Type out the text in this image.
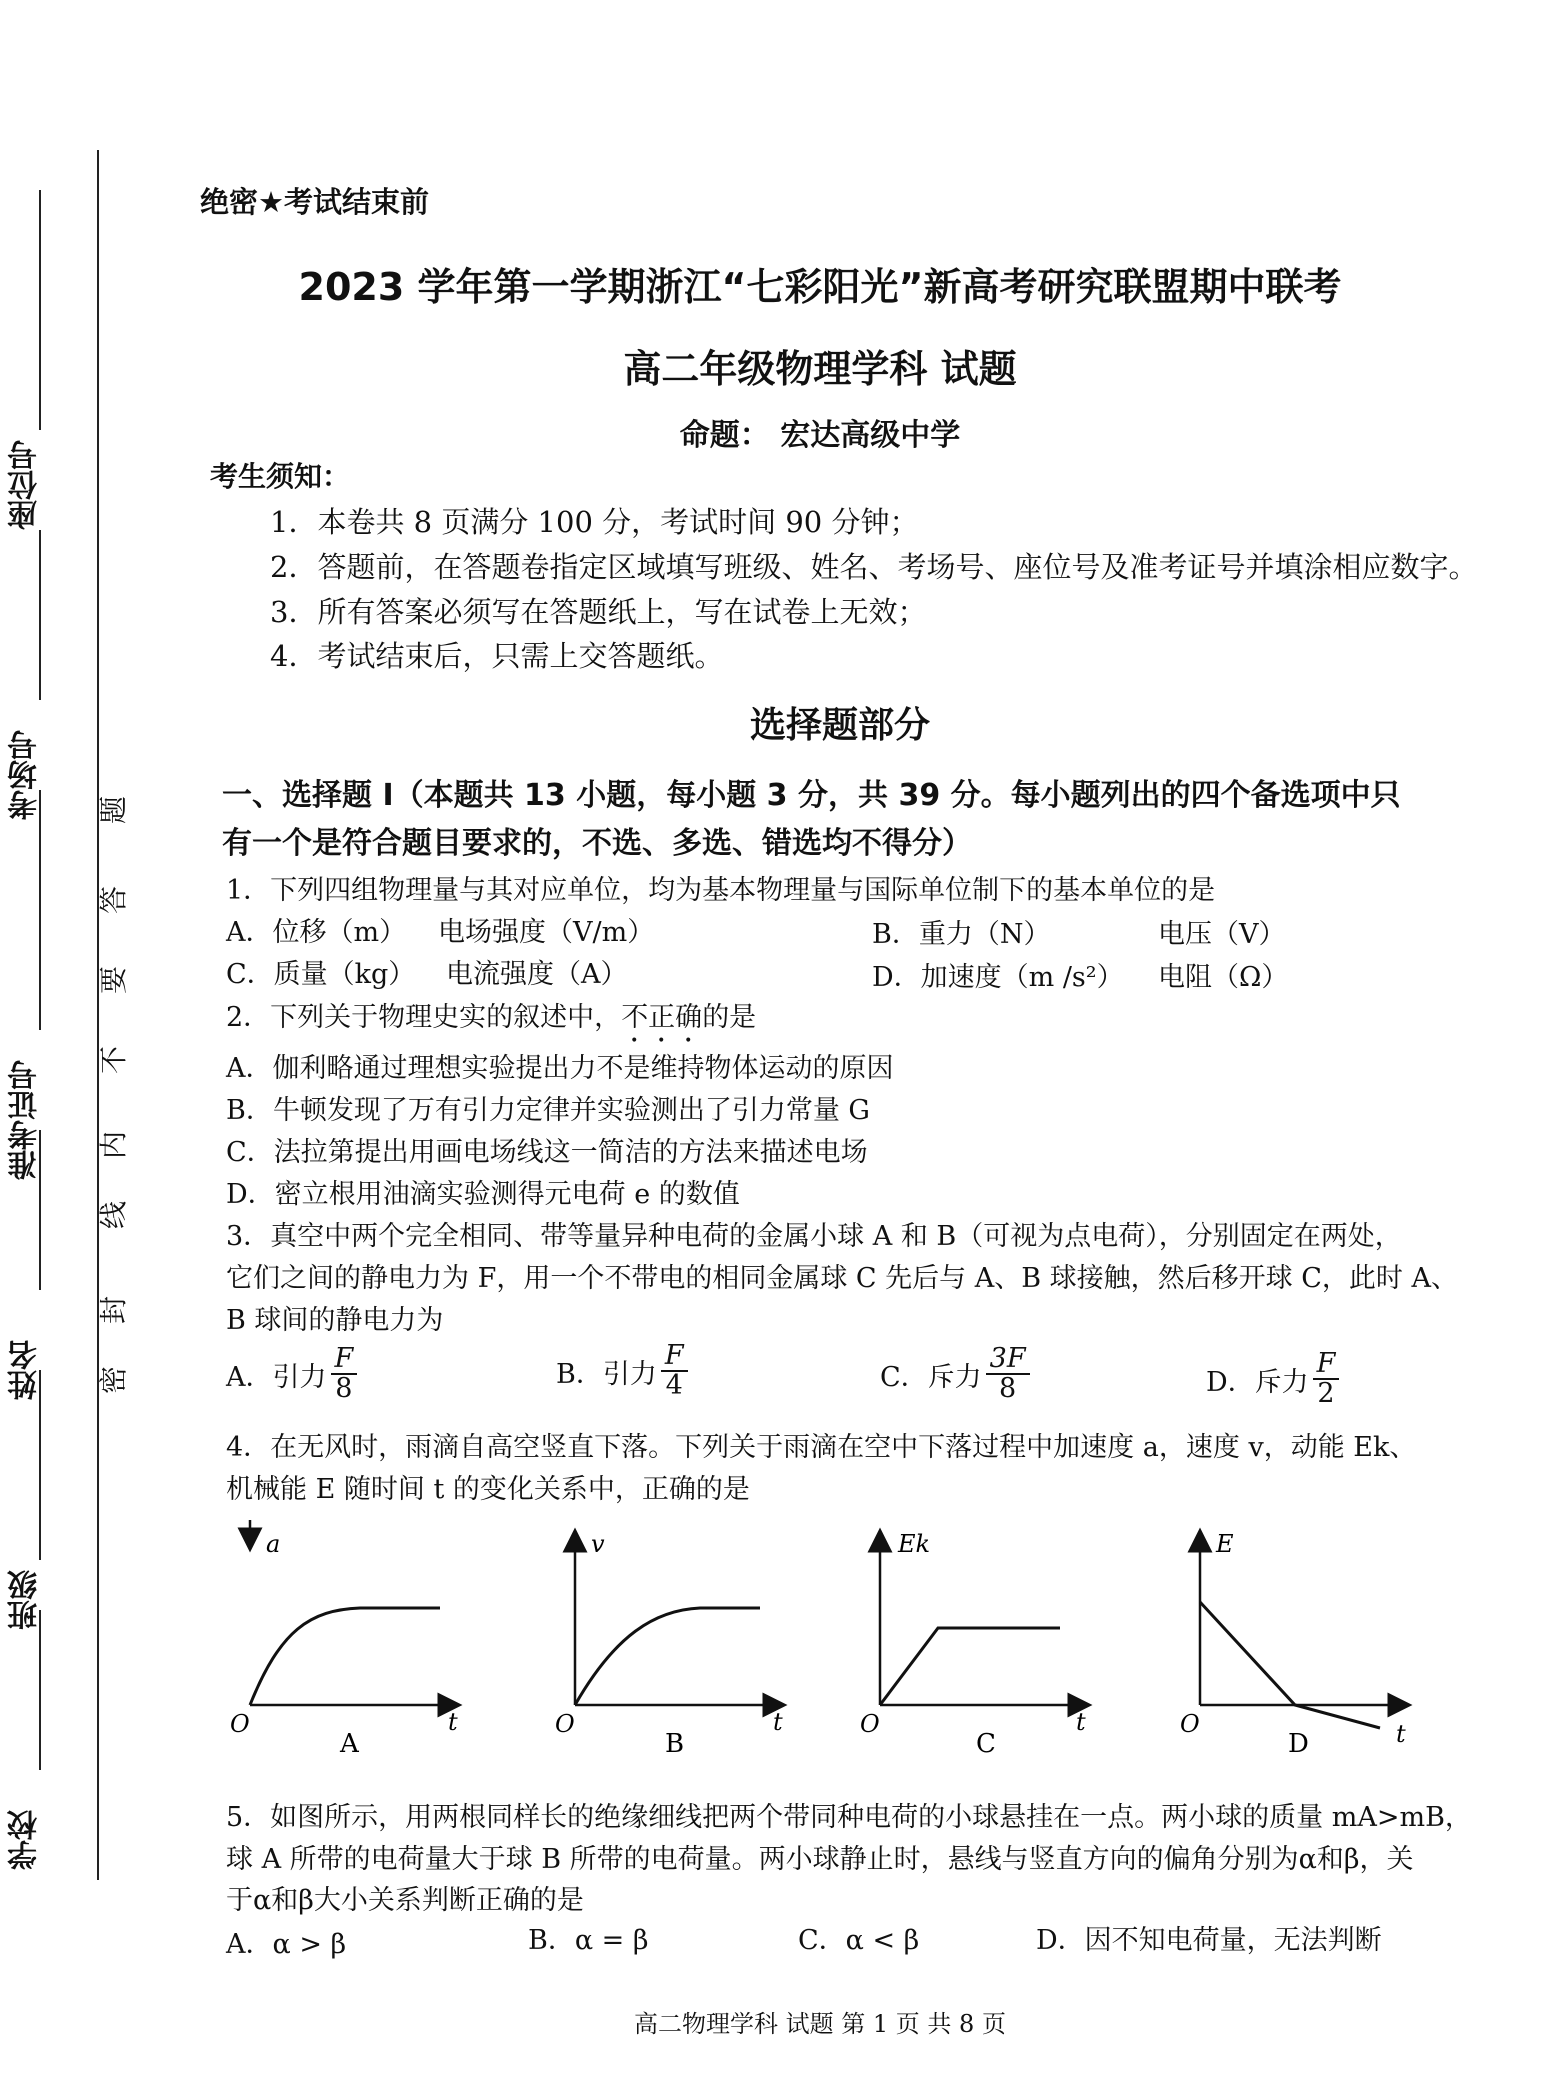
座位号
考场号
准考证号
姓名
班级
学校
密
封
线
内
不
要
答
题
绝密★考试结束前
2023 学年第一学期浙江“七彩阳光”新高考研究联盟期中联考
高二年级物理学科 试题
命题： 宏达高级中学
考生须知：
1．本卷共 8 页满分 100 分，考试时间 90 分钟；
2．答题前，在答题卷指定区域填写班级、姓名、考场号、座位号及准考证号并填涂相应数字。
3．所有答案必须写在答题纸上，写在试卷上无效；
4．考试结束后，只需上交答题纸。
选择题部分
一、选择题 I（本题共 13 小题，每小题 3 分，共 39 分。每小题列出的四个备选项中只
有一个是符合题目要求的，不选、多选、错选均不得分）
1．下列四组物理量与其对应单位，均为基本物理量与国际单位制下的基本单位的是
A．位移（m） 电场强度（V/m）	B．重力（N）	电压（V）
C．质量（kg） 电流强度（A）	D．加速度（m /s²） 电阻（Ω）
2．下列关于物理史实的叙述中，不正确的是
A．伽利略通过理想实验提出力不是维持物体运动的原因
B．牛顿发现了万有引力定律并实验测出了引力常量 G
C．法拉第提出用画电场线这一简洁的方法来描述电场
D．密立根用油滴实验测得元电荷 e 的数值
3．真空中两个完全相同、带等量异种电荷的金属小球 A 和 B（可视为点电荷），分别固定在两处，
它们之间的静电力为 F，用一个不带电的相同金属球 C 先后与 A、B 球接触，然后移开球 C，此时 A、
B 球间的静电力为
A．引力 $\frac{F}{8}$	B．引力 $\frac{F}{4}$	C．斥力 $\frac{3F}{8}$	D．斥力 $\frac{F}{2}$
4．在无风时，雨滴自高空竖直下落。下列关于雨滴在空中下落过程中加速度 a，速度 v，动能 Ek、
机械能 E 随时间 t 的变化关系中，正确的是
a
t
O
A
v
t
O
B
Ek
t
O
C
E
t
O
D
5．如图所示，用两根同样长的绝缘细线把两个带同种电荷的小球悬挂在一点。两小球的质量 mA>mB，
球 A 所带的电荷量大于球 B 所带的电荷量。两小球静止时，悬线与竖直方向的偏角分别为α和β，关
于α和β大小关系判断正确的是
A．α > β	B．α = β	C．α < β	D．因不知电荷量，无法判断
高二物理学科 试题 第 1 页 共 8 页
